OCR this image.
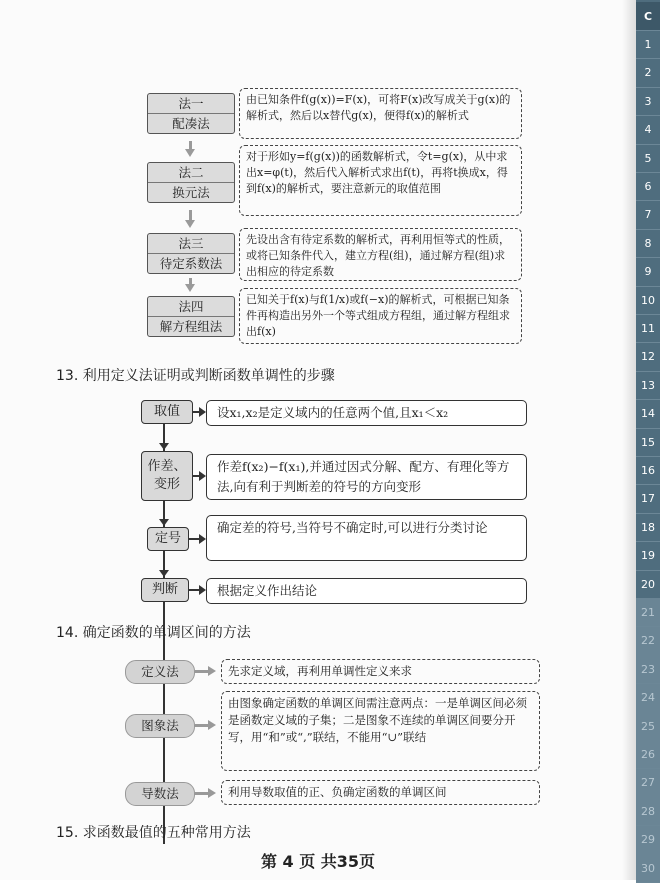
法一
配凑法
由已知条件f(g(x))=F(x)，可将F(x)改写成关于g(x)的解析式，然后以x替代g(x)，便得f(x)的解析式
法二
换元法
对于形如y=f(g(x))的函数解析式，令t=g(x)，从中求出x=φ(t)，然后代入解析式求出f(t)，再将t换成x，得到f(x)的解析式，要注意新元的取值范围
法三
待定系数法
先设出含有待定系数的解析式，再利用恒等式的性质，或将已知条件代入，建立方程(组)，通过解方程(组)求出相应的待定系数
法四
解方程组法
已知关于f(x)与f(1/x)或f(−x)的解析式，可根据已知条件再构造出另外一个等式组成方程组，通过解方程组求出f(x)
13. 利用定义法证明或判断函数单调性的步骤
取值	设x₁,x₂是定义域内的任意两个值,且x₁＜x₂
作差、变形
作差f(x₂)−f(x₁),并通过因式分解、配方、有理化等方法,向有利于判断差的符号的方向变形
定号
确定差的符号,当符号不确定时,可以进行分类讨论
判断	根据定义作出结论
14. 确定函数的单调区间的方法
定义法	先求定义域，再利用单调性定义来求
图象法
由图象确定函数的单调区间需注意两点：一是单调区间必须是函数定义域的子集；二是图象不连续的单调区间要分开写，用“和”或“,”联结，不能用“∪”联结
导数法	利用导数取值的正、负确定函数的单调区间
15. 求函数最值的五种常用方法
第 4 页 共35页
C
1
2
3
4
5
6
7
8
9
10
11
12
13
14
15
16
17
18
19
20
21
22
23
24
25
26
27
28
29
30
